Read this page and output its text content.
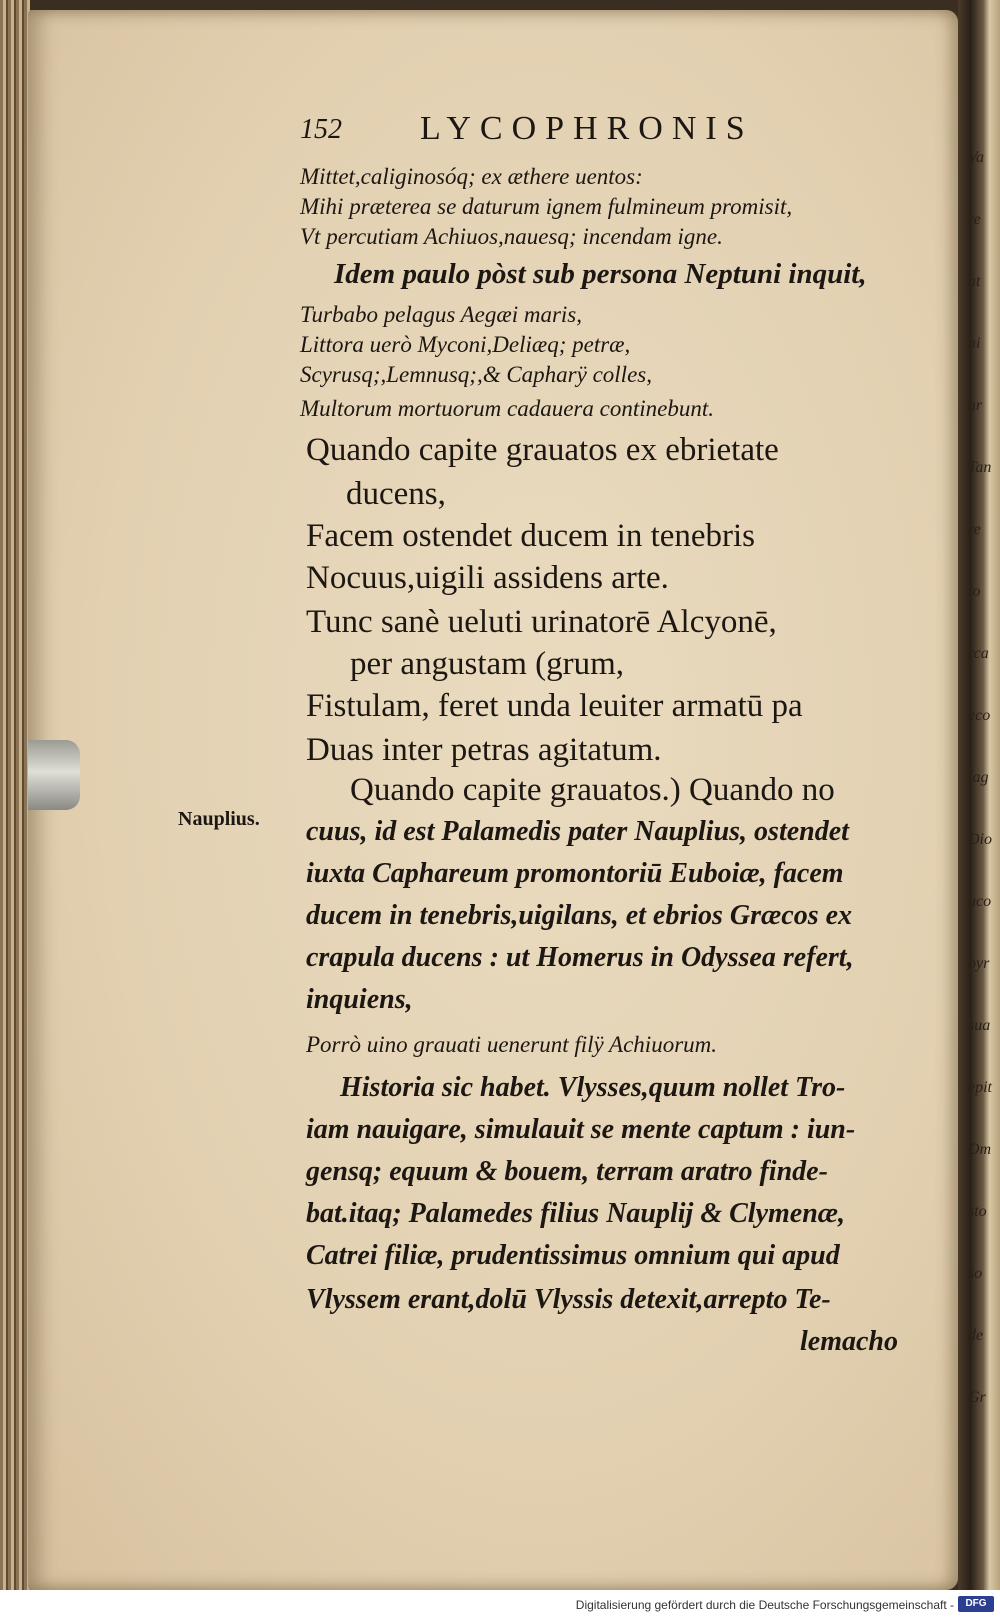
Va
re
at
ni
ar
Tan
re
to
rca
eco
lag
Dio
uco
byr
sua
epit
Om
sto
so
de
Gr
152 LYCOPHRONIS
Nauplius.
Mittet,caliginosóq; ex æthere uentos:
Mihi præterea se daturum ignem fulmineum promisit,
Vt percutiam Achiuos,nauesq; incendam igne.
Idem paulo pòst sub persona Neptuni inquit,
Turbabo pelagus Aegæi maris,
Littora uerò Myconi,Deliæq; petræ,
Scyrusq;,Lemnusq;,& Capharÿ colles,
Multorum mortuorum cadauera continebunt.
Quando capite grauatos ex ebrietate
ducens,
Facem ostendet ducem in tenebris
Nocuus,uigili assidens arte.
Tunc sanè ueluti urinatorē Alcyonē,
per angustam (grum,
Fistulam, feret unda leuiter armatū pa
Duas inter petras agitatum.
Quando capite grauatos.) Quando no
cuus, id est Palamedis pater Nauplius, ostendet
iuxta Caphareum promontoriū Euboiæ, facem
ducem in tenebris,uigilans, et ebrios Græcos ex
crapula ducens : ut Homerus in Odyssea refert,
inquiens,
Porrò uino grauati uenerunt filÿ Achiuorum.
Historia sic habet. Vlysses,quum nollet Tro-
iam nauigare, simulauit se mente captum : iun-
gensq; equum & bouem, terram aratro finde-
bat.itaq; Palamedes filius Nauplij & Clymenæ,
Catrei filiæ, prudentissimus omnium qui apud
Vlyssem erant,dolū Vlyssis detexit,arrepto Te-
lemacho
Digitalisierung gefördert durch die Deutsche Forschungsgemeinschaft -	DFG
